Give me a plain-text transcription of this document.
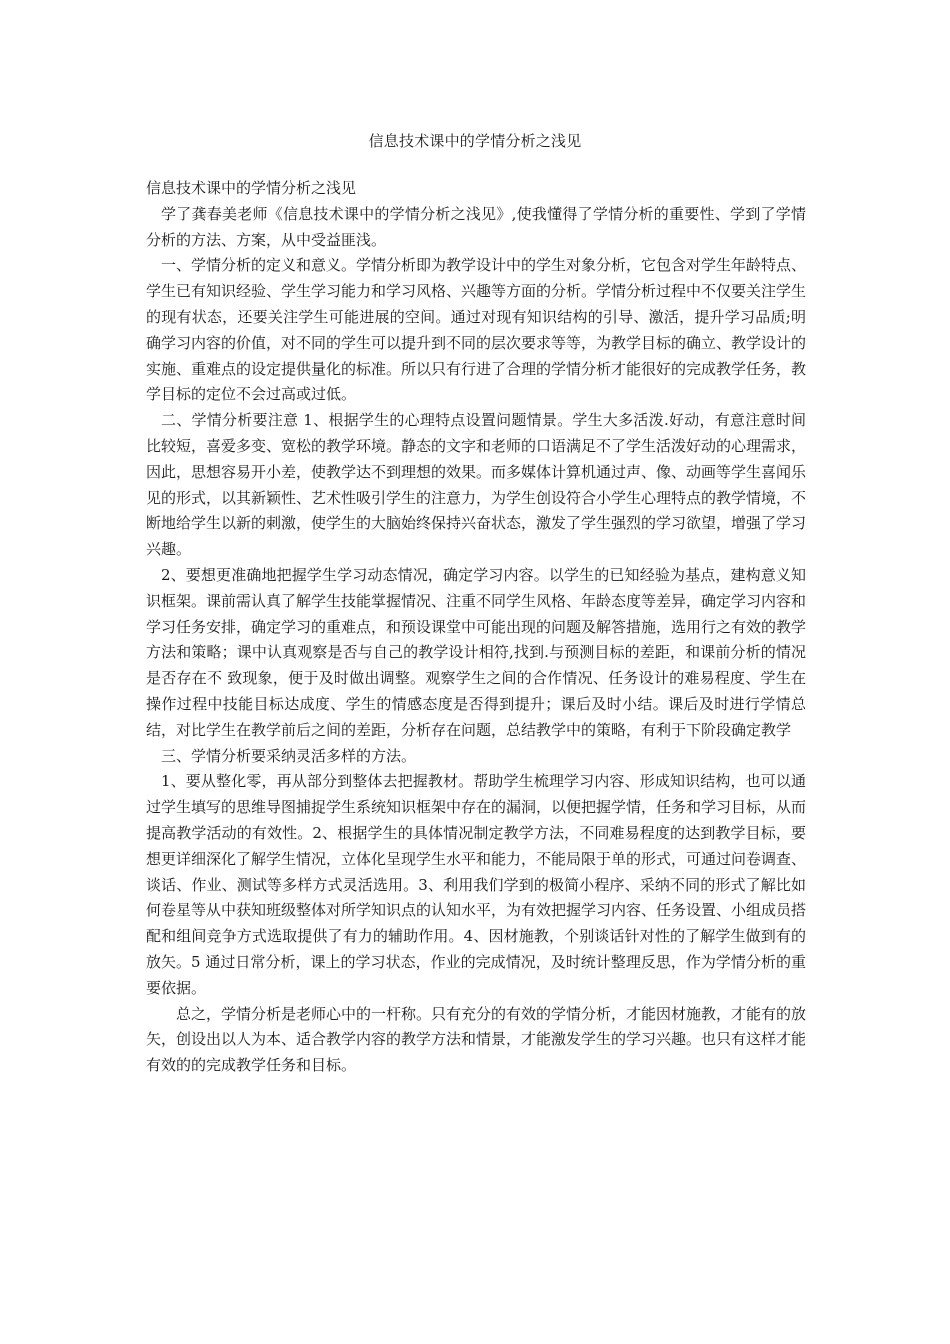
信息技术课中的学情分析之浅见

信息技术课中的学情分析之浅见

学了龚春美老师《信息技术课中的学情分析之浅见》,使我懂得了学情分析的重要性、学到了学情分析的方法、方案，从中受益匪浅。

一、学情分析的定义和意义。学情分析即为教学设计中的学生对象分析，它包含对学生年龄特点、学生已有知识经验、学生学习能力和学习风格、兴趣等方面的分析。学情分析过程中不仅要关注学生的现有状态，还要关注学生可能进展的空间。通过对现有知识结构的引导、激活，提升学习品质;明确学习内容的价值，对不同的学生可以提升到不同的层次要求等等，为教学目标的确立、教学设计的实施、重难点的设定提供量化的标准。所以只有行进了合理的学情分析才能很好的完成教学任务，教学目标的定位不会过高或过低。

二、学情分析要注意 1、根据学生的心理特点设置问题情景。学生大多活泼.好动，有意注意时间比较短，喜爱多变、宽松的教学环境。静态的文字和老师的口语满足不了学生活泼好动的心理需求，因此，思想容易开小差，使教学达不到理想的效果。而多媒体计算机通过声、像、动画等学生喜闻乐见的形式，以其新颖性、艺术性吸引学生的注意力，为学生创设符合小学生心理特点的教学情境，不断地给学生以新的刺激，使学生的大脑始终保持兴奋状态，激发了学生强烈的学习欲望，增强了学习兴趣。

2、要想更准确地把握学生学习动态情况，确定学习内容。以学生的已知经验为基点，建构意义知识框架。课前需认真了解学生技能掌握情况、注重不同学生风格、年龄态度等差异，确定学习内容和学习任务安排，确定学习的重难点，和预设课堂中可能出现的问题及解答措施，选用行之有效的教学方法和策略；课中认真观察是否与自己的教学设计相符,找到.与预测目标的差距，和课前分析的情况是否存在不 致现象，便于及时做出调整。观察学生之间的合作情况、任务设计的难易程度、学生在操作过程中技能目标达成度、学生的情感态度是否得到提升；课后及时小结。课后及时进行学情总结，对比学生在教学前后之间的差距，分析存在问题，总结教学中的策略，有利于下阶段确定教学

三、学情分析要采纳灵活多样的方法。

1、要从整化零，再从部分到整体去把握教材。帮助学生梳理学习内容、形成知识结构，也可以通过学生填写的思维导图捕捉学生系统知识框架中存在的漏洞，以便把握学情，任务和学习目标，从而提高教学活动的有效性。2、根据学生的具体情况制定教学方法，不同难易程度的达到教学目标，要想更详细深化了解学生情况，立体化呈现学生水平和能力，不能局限于单的形式，可通过问卷调查、谈话、作业、测试等多样方式灵活选用。3、利用我们学到的极简小程序、采纳不同的形式了解比如何卷星等从中获知班级整体对所学知识点的认知水平，为有效把握学习内容、任务设置、小组成员搭配和组间竞争方式选取提供了有力的辅助作用。4、因材施教，个别谈话针对性的了解学生做到有的放矢。5 通过日常分析，课上的学习状态，作业的完成情况，及时统计整理反思，作为学情分析的重要依据。

总之，学情分析是老师心中的一杆称。只有充分的有效的学情分析，才能因材施教，才能有的放矢，创设出以人为本、适合教学内容的教学方法和情景，才能激发学生的学习兴趣。也只有这样才能有效的的完成教学任务和目标。
